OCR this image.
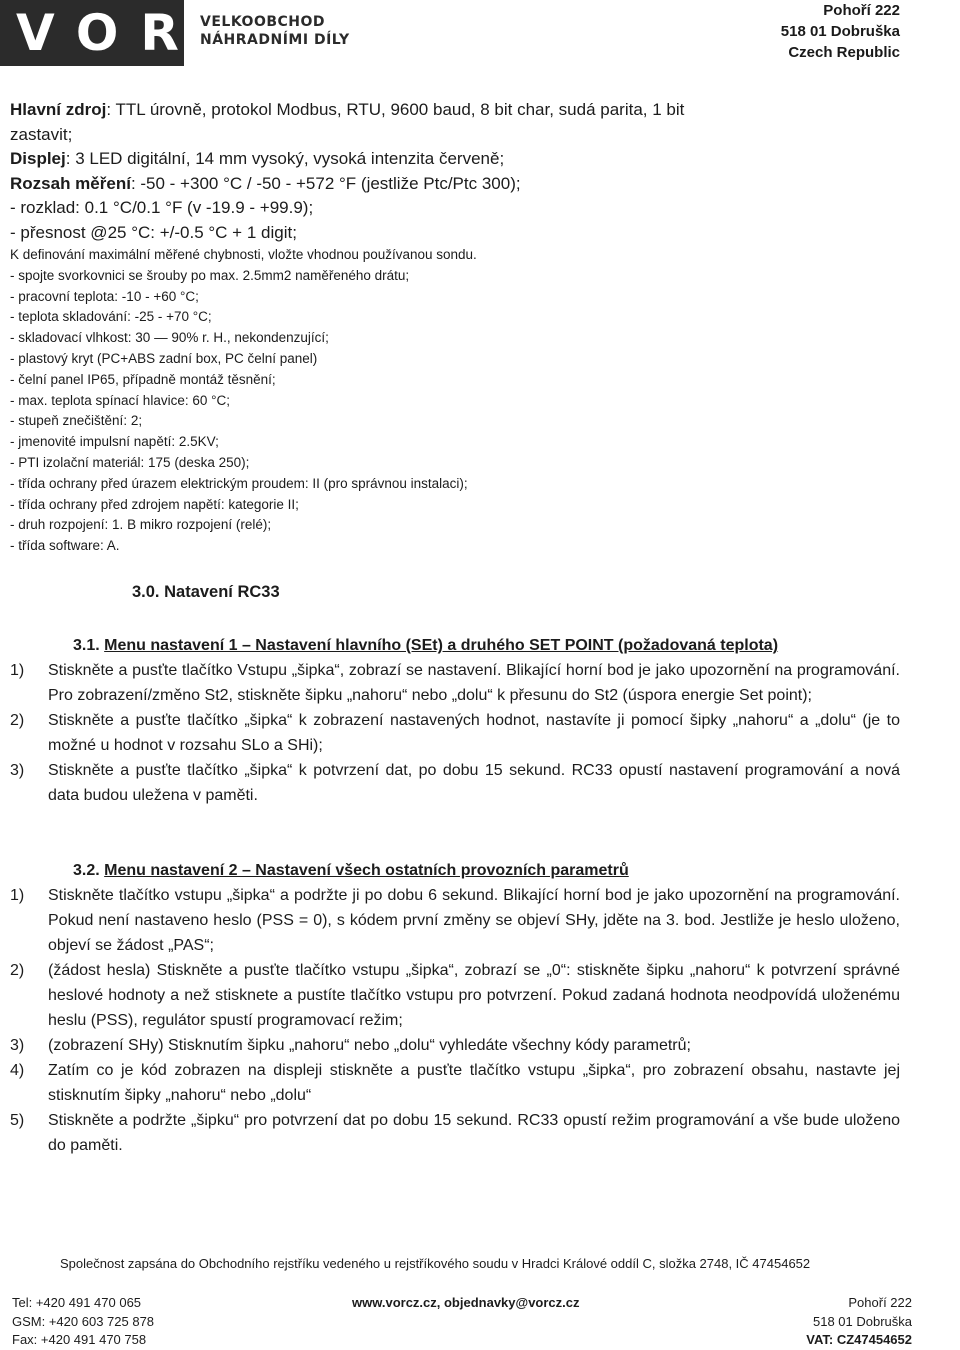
VOR VELKOOBCHOD
NÁHRADNÍMI DÍLY
Pohoří 222
518 01 Dobruška
Czech Republic
Hlavní zdroj: TTL úrovně, protokol Modbus, RTU, 9600 baud, 8 bit char, sudá parita, 1 bit zastavit;
Displej: 3 LED digitální, 14 mm vysoký, vysoká intenzita červeně;
Rozsah měření: -50 - +300 °C / -50 - +572 °F (jestliže Ptc/Ptc 300);
- rozklad: 0.1 °C/0.1 °F (v -19.9 - +99.9);
- přesnost @25 °C: +/-0.5 °C + 1 digit;
K definování maximální měřené chybnosti, vložte vhodnou používanou sondu.
- spojte svorkovnici se šrouby po max. 2.5mm2 naměřeného drátu;
- pracovní teplota: -10 - +60 °C;
- teplota skladování: -25 - +70 °C;
- skladovací vlhkost: 30 — 90% r. H., nekondenzující;
- plastový kryt (PC+ABS zadní box, PC čelní panel)
- čelní panel IP65, případně montáž těsnění;
- max. teplota spínací hlavice: 60 °C;
- stupeň znečištění: 2;
- jmenovité impulsní napětí: 2.5KV;
- PTI izolační materiál: 175 (deska 250);
- třída ochrany před úrazem elektrickým proudem: II (pro správnou instalaci);
- třída ochrany před zdrojem napětí: kategorie II;
- druh rozpojení: 1. B mikro rozpojení (relé);
- třída software: A.
3.0. Natavení RC33
3.1. Menu nastavení 1 – Nastavení hlavního (SEt) a druhého SET POINT (požadovaná teplota)
1) Stiskněte a pusťte tlačítko Vstupu „šipka“, zobrazí se nastavení. Blikající horní bod je jako upozornění na programování. Pro zobrazení/změno St2, stiskněte šipku „nahoru“ nebo „dolu“ k přesunu do St2 (úspora energie Set point);
2) Stiskněte a pusťte tlačítko „šipka“ k zobrazení nastavených hodnot, nastavíte ji pomocí šipky „nahoru“ a „dolu“ (je to možné u hodnot v rozsahu SLo a SHi);
3) Stiskněte a pusťte tlačítko „šipka“ k potvrzení dat, po dobu 15 sekund. RC33 opustí nastavení programování a nová data budou uležena v paměti.
3.2. Menu nastavení 2 – Nastavení všech ostatních provozních parametrů
1) Stiskněte tlačítko vstupu „šipka“ a podržte ji po dobu 6 sekund. Blikající horní bod je jako upozornění na programování. Pokud není nastaveno heslo (PSS = 0), s kódem první změny se objeví SHy, jděte na 3. bod. Jestliže je heslo uloženo, objeví se žádost „PAS“;
2) (žádost hesla) Stiskněte a pusťte tlačítko vstupu „šipka“, zobrazí se „0“: stiskněte šipku „nahoru“ k potvrzení správné heslové hodnoty a než stisknete a pustíte tlačítko vstupu pro potvrzení. Pokud zadaná hodnota neodpovídá uloženému heslu (PSS), regulátor spustí programovací režim;
3) (zobrazení SHy) Stisknutím šipku „nahoru“ nebo „dolu“ vyhledáte všechny kódy parametrů;
4) Zatím co je kód zobrazen na displeji stiskněte a pusťte tlačítko vstupu „šipka“, pro zobrazení obsahu, nastavte jej stisknutím šipky „nahoru“ nebo „dolu“
5) Stiskněte a podržte „šipku“ pro potvrzení dat po dobu 15 sekund. RC33 opustí režim programování a vše bude uloženo do paměti.
Společnost zapsána do Obchodního rejstříku vedeného u rejstříkového soudu v Hradci Králové oddíl C, složka 2748, IČ 47454652
Tel: +420 491 470 065
GSM: +420 603 725 878
Fax: +420 491 470 758
www.vorcz.cz, objednavky@vorcz.cz	Pohoří 222
518 01 Dobruška
VAT: CZ47454652
